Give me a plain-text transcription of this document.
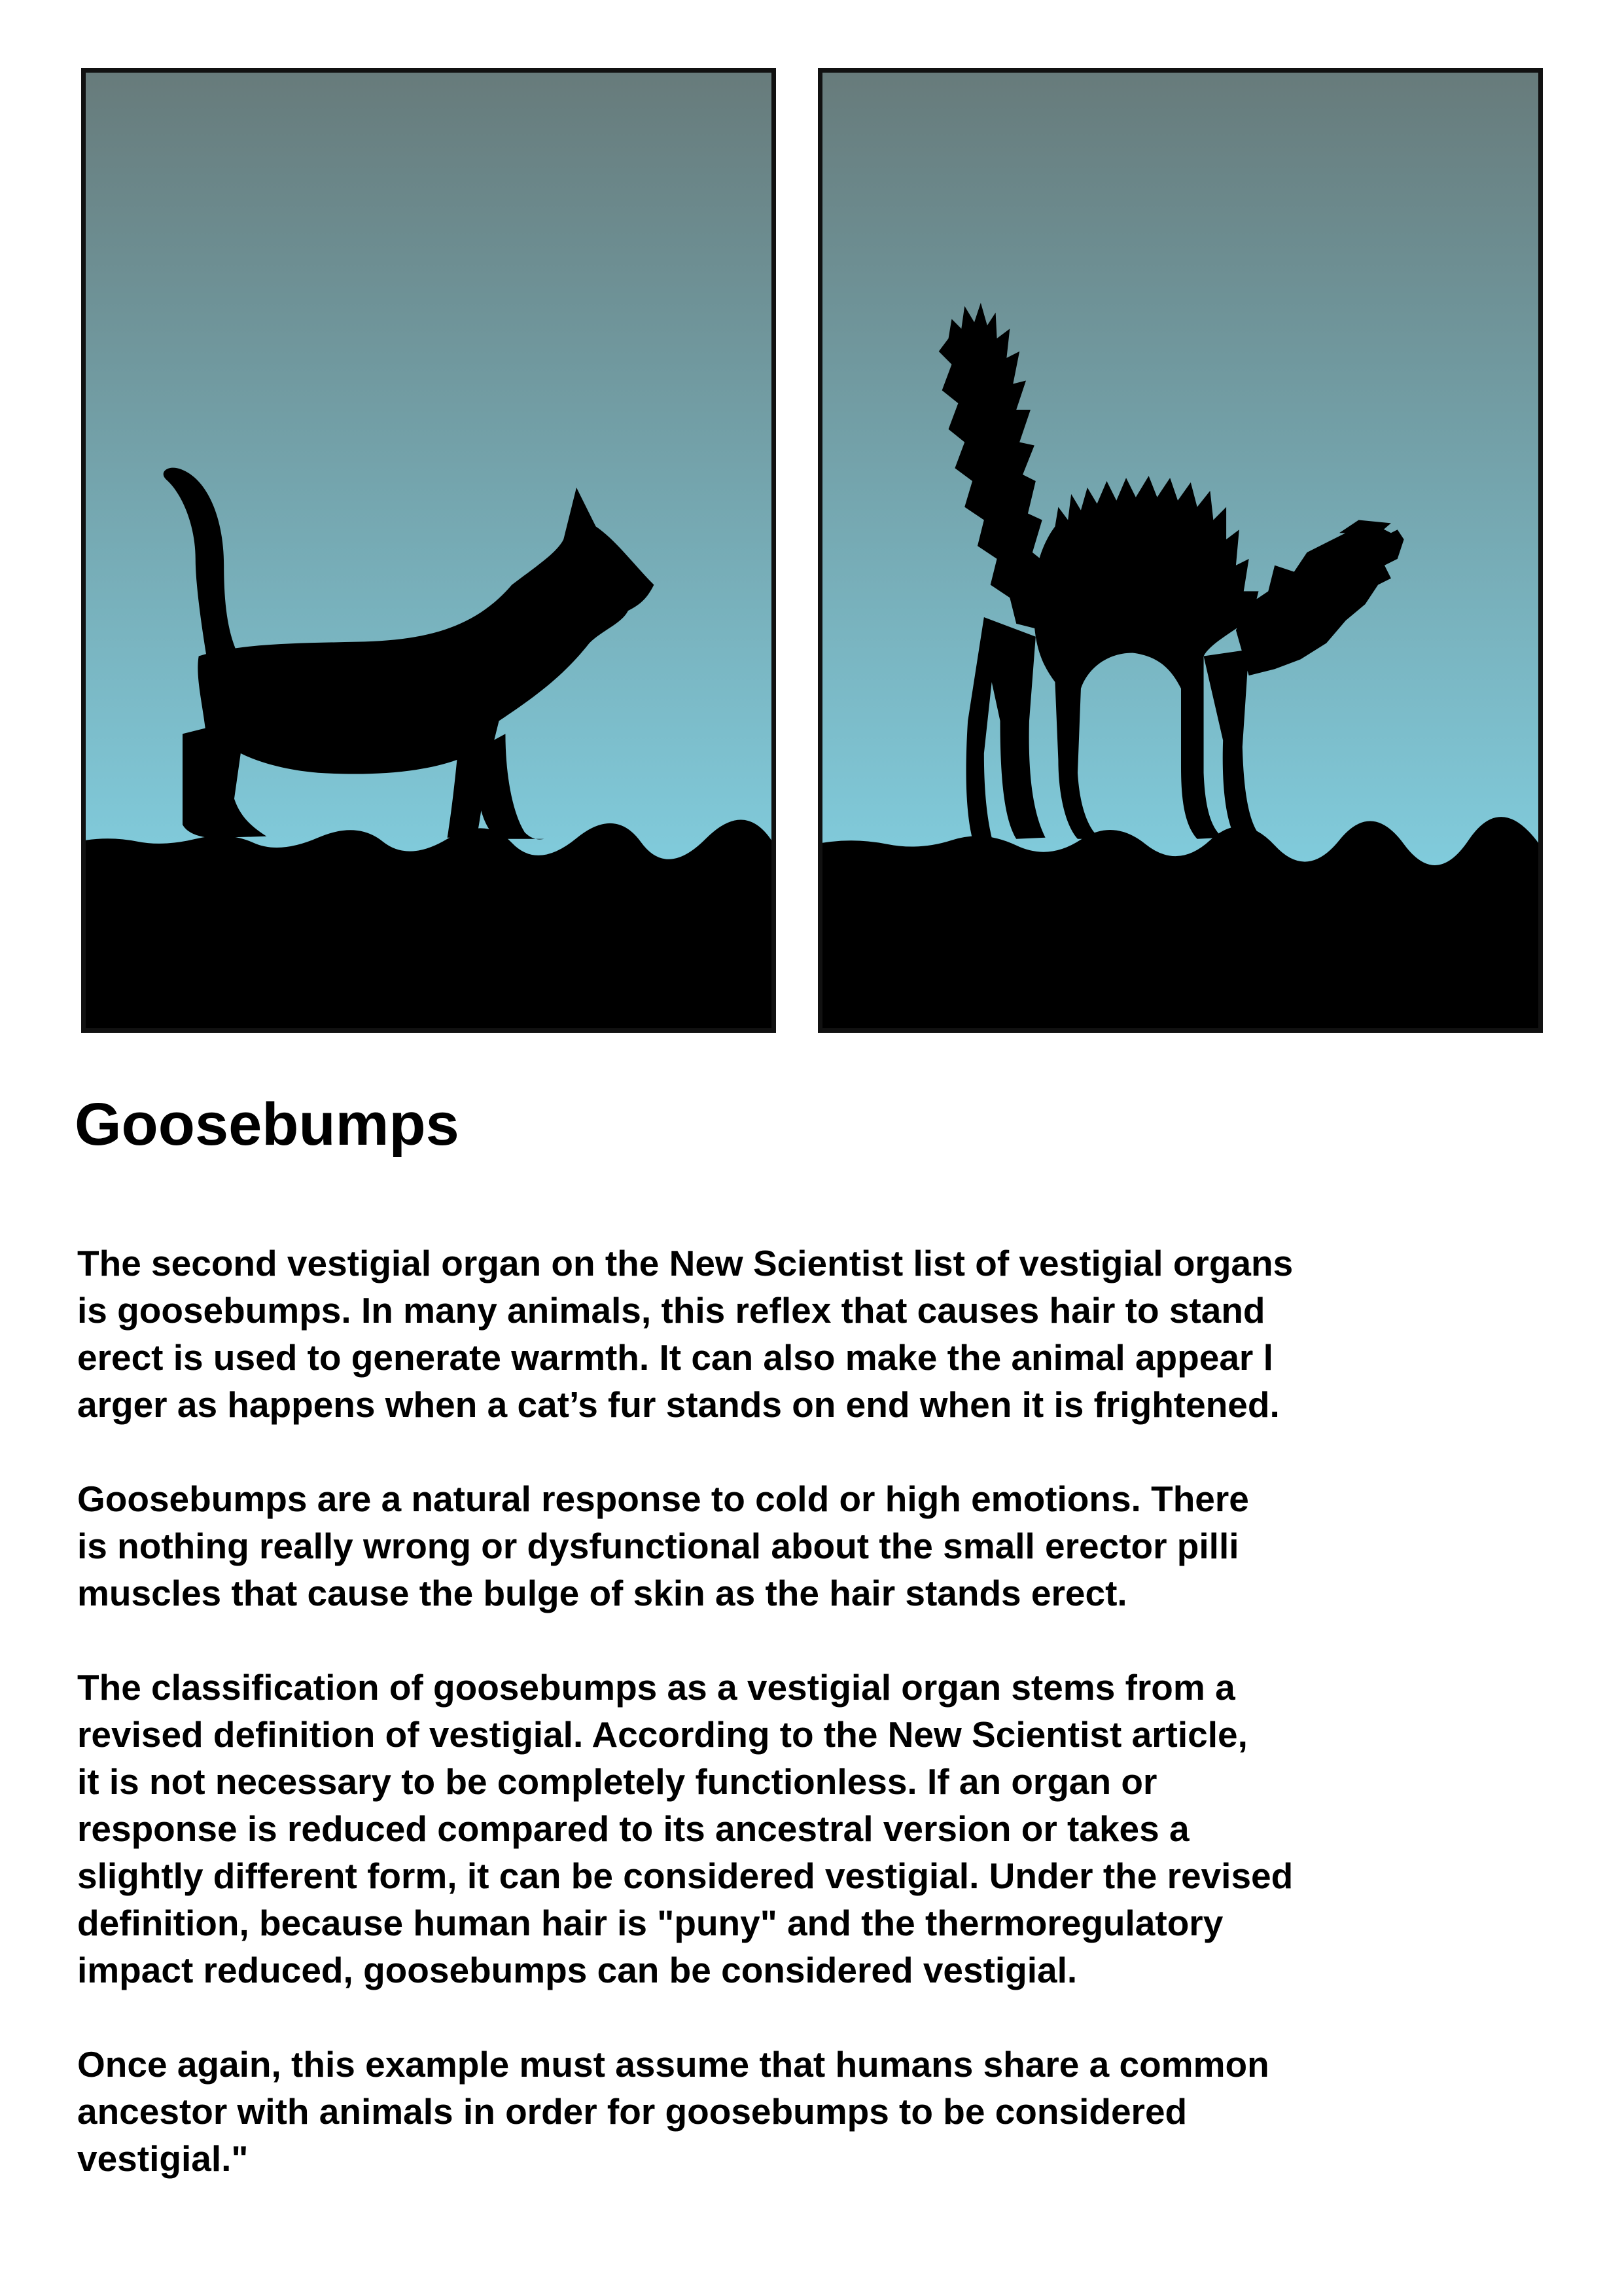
Goosebumps

The second vestigial organ on the New Scientist list of vestigial organs
is goosebumps. In many animals, this reflex that causes hair to stand
erect is used to generate warmth. It can also make the animal appear l
arger as happens when a cat’s fur stands on end when it is frightened.

Goosebumps are a natural response to cold or high emotions. There
is nothing really wrong or dysfunctional about the small erector pilli
muscles that cause the bulge of skin as the hair stands erect.

The classification of goosebumps as a vestigial organ stems from a
revised definition of vestigial. According to the New Scientist article,
it is not necessary to be completely functionless. If an organ or
response is reduced compared to its ancestral version or takes a
slightly different form, it can be considered vestigial. Under the revised
definition, because human hair is "puny" and the thermoregulatory
impact reduced, goosebumps can be considered vestigial.

Once again, this example must assume that humans share a common
ancestor with animals in order for goosebumps to be considered
vestigial."
